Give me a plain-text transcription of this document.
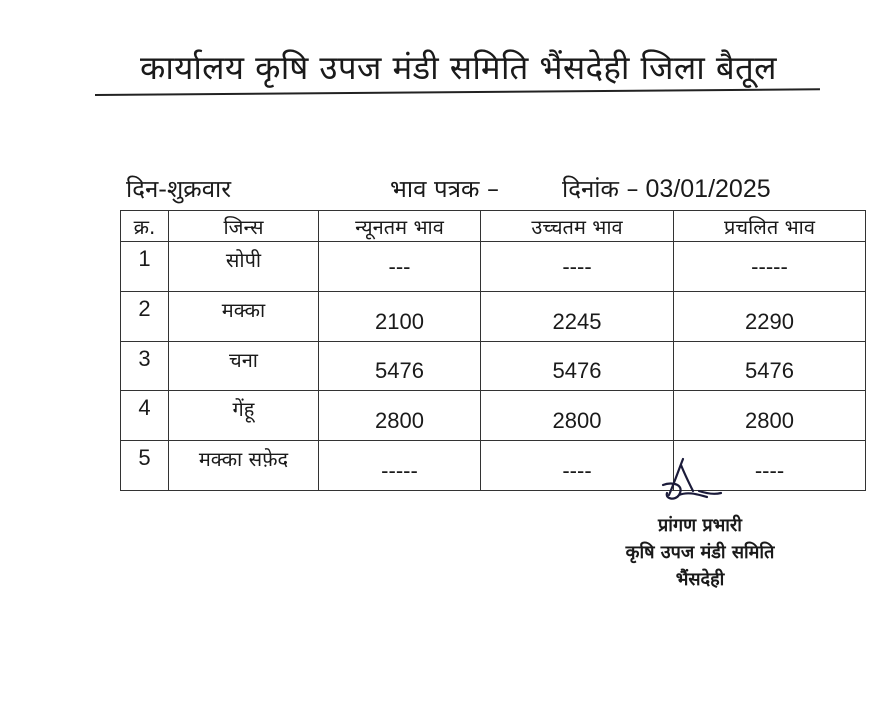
कार्यालय कृषि उपज मंडी समिति भैंसदेही जिला बैतूल
दिन-शुक्रवार	भाव पत्रक –	दिनांक – 03/01/2025
क्र.	जिन्स	न्यूनतम भाव	उच्चतम भाव	प्रचलित भाव
1	सोपी	---	----	-----
2	मक्का	2100	2245	2290
3	चना	5476	5476	5476
4	गेंहू	2800	2800	2800
5	मक्का सफ़ेद	-----	----	----
प्रांगण प्रभारी
कृषि उपज मंडी समिति
भैंसदेही
